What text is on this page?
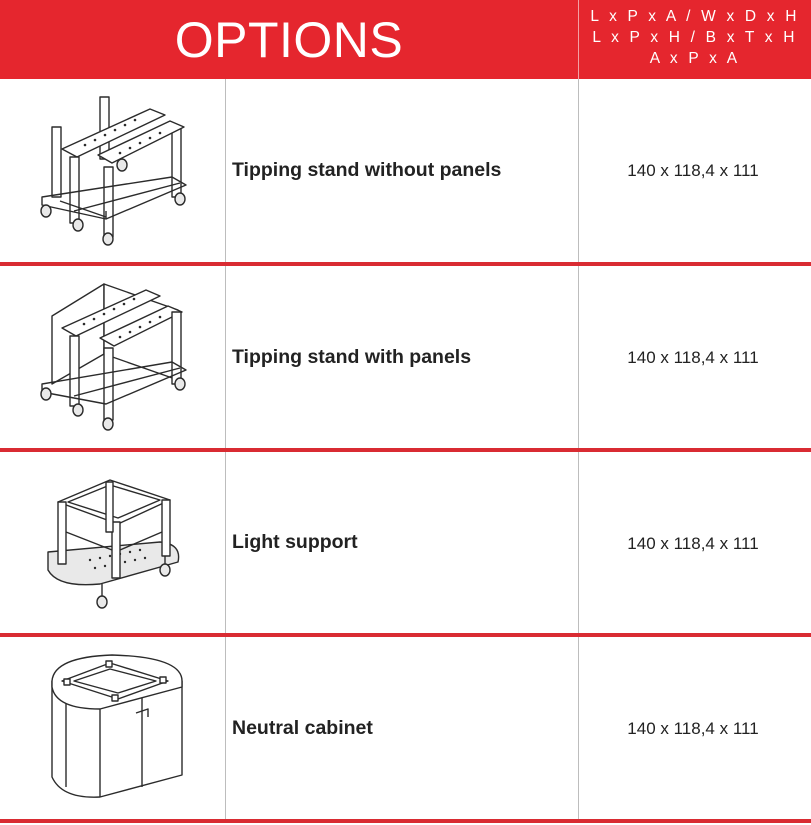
OPTIONS	L x P x A / W x D x H
L x P x H / B x T x H
A x P x A
Tipping stand without panels	140 x 118,4 x 111
Tipping stand with panels	140 x 118,4 x 111
Light support	140 x 118,4 x 111
Neutral cabinet	140 x 118,4 x 111
